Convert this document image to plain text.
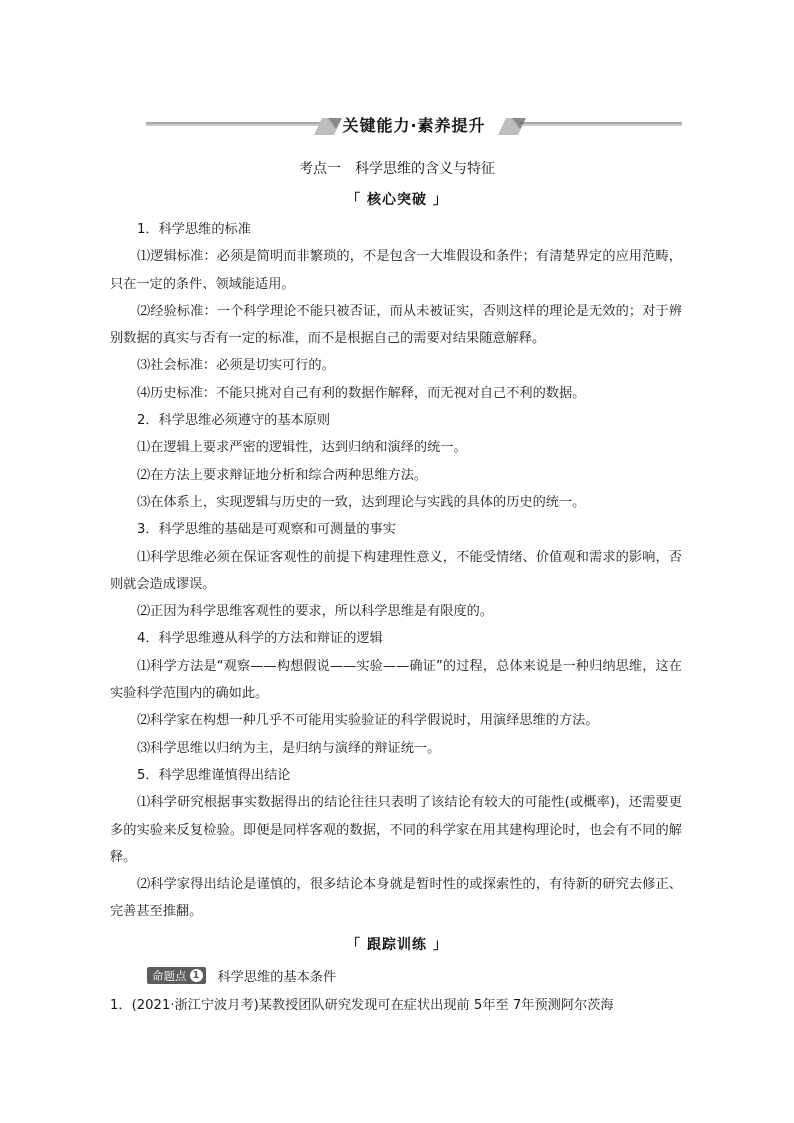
关键能力·素养提升
考点一 科学思维的含义与特征
「 核心突破 」

1．科学思维的标准

⑴逻辑标准：必须是简明而非繁琐的，不是包含一大堆假设和条件；有清楚界定的应用范畴，只在一定的条件、领域能适用。

⑵经验标准：一个科学理论不能只被否证，而从未被证实，否则这样的理论是无效的；对于辨别数据的真实与否有一定的标准，而不是根据自己的需要对结果随意解释。

⑶社会标准：必须是切实可行的。

⑷历史标准：不能只挑对自己有利的数据作解释，而无视对自己不利的数据。

2．科学思维必须遵守的基本原则

⑴在逻辑上要求严密的逻辑性，达到归纳和演绎的统一。

⑵在方法上要求辩证地分析和综合两种思维方法。

⑶在体系上，实现逻辑与历史的一致，达到理论与实践的具体的历史的统一。

3．科学思维的基础是可观察和可测量的事实

⑴科学思维必须在保证客观性的前提下构建理性意义，不能受情绪、价值观和需求的影响，否则就会造成谬误。

⑵正因为科学思维客观性的要求，所以科学思维是有限度的。

4．科学思维遵从科学的方法和辩证的逻辑

⑴科学方法是“观察——构想假说——实验——确证”的过程，总体来说是一种归纳思维，这在实验科学范围内的确如此。

⑵科学家在构想一种几乎不可能用实验验证的科学假说时，用演绎思维的方法。

⑶科学思维以归纳为主，是归纳与演绎的辩证统一。

5．科学思维谨慎得出结论

⑴科学研究根据事实数据得出的结论往往只表明了该结论有较大的可能性(或概率)，还需要更多的实验来反复检验。即便是同样客观的数据，不同的科学家在用其建构理论时，也会有不同的解释。

⑵科学家得出结论是谨慎的，很多结论本身就是暂时性的或探索性的，有待新的研究去修正、完善甚至推翻。

「 跟踪训练 」
命题点 1 科学思维的基本条件
1．(2021·浙江宁波月考)某教授团队研究发现可在症状出现前 5年至 7年预测阿尔茨海
